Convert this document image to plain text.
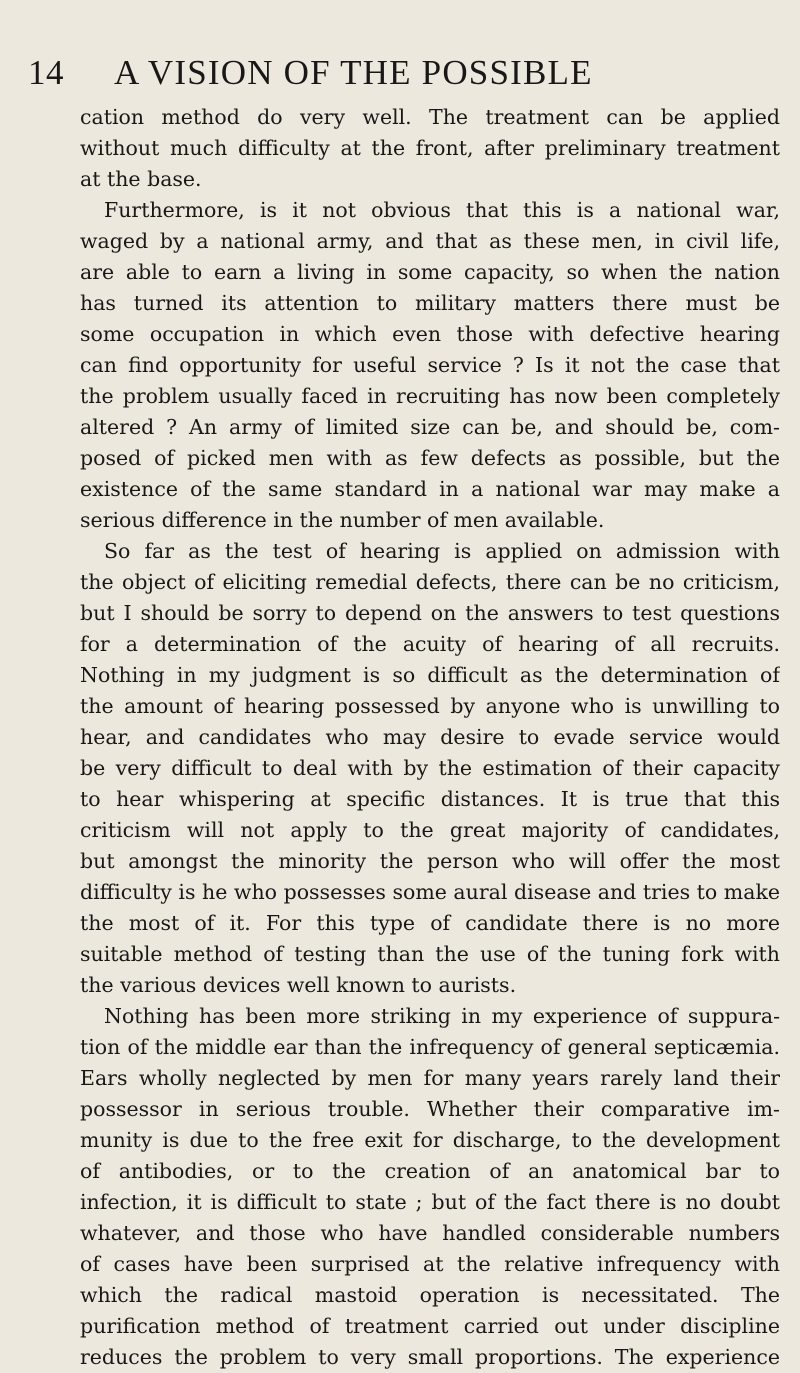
14 A VISION OF THE POSSIBLE
cation method do very well. The treatment can be applied
without much difficulty at the front, after preliminary treatment
at the base.
Furthermore, is it not obvious that this is a national war,
waged by a national army, and that as these men, in civil life,
are able to earn a living in some capacity, so when the nation
has turned its attention to military matters there must be
some occupation in which even those with defective hearing
can find opportunity for useful service ? Is it not the case that
the problem usually faced in recruiting has now been completely
altered ? An army of limited size can be, and should be, com-
posed of picked men with as few defects as possible, but the
existence of the same standard in a national war may make a
serious difference in the number of men available.
So far as the test of hearing is applied on admission with
the object of eliciting remedial defects, there can be no criticism,
but I should be sorry to depend on the answers to test questions
for a determination of the acuity of hearing of all recruits.
Nothing in my judgment is so difficult as the determination of
the amount of hearing possessed by anyone who is unwilling to
hear, and candidates who may desire to evade service would
be very difficult to deal with by the estimation of their capacity
to hear whispering at specific distances. It is true that this
criticism will not apply to the great majority of candidates,
but amongst the minority the person who will offer the most
difficulty is he who possesses some aural disease and tries to make
the most of it. For this type of candidate there is no more
suitable method of testing than the use of the tuning fork with
the various devices well known to aurists.
Nothing has been more striking in my experience of suppura-
tion of the middle ear than the infrequency of general septicæmia.
Ears wholly neglected by men for many years rarely land their
possessor in serious trouble. Whether their comparative im-
munity is due to the free exit for discharge, to the development
of antibodies, or to the creation of an anatomical bar to
infection, it is difficult to state ; but of the fact there is no doubt
whatever, and those who have handled considerable numbers
of cases have been surprised at the relative infrequency with
which the radical mastoid operation is necessitated. The
purification method of treatment carried out under discipline
reduces the problem to very small proportions. The experience
